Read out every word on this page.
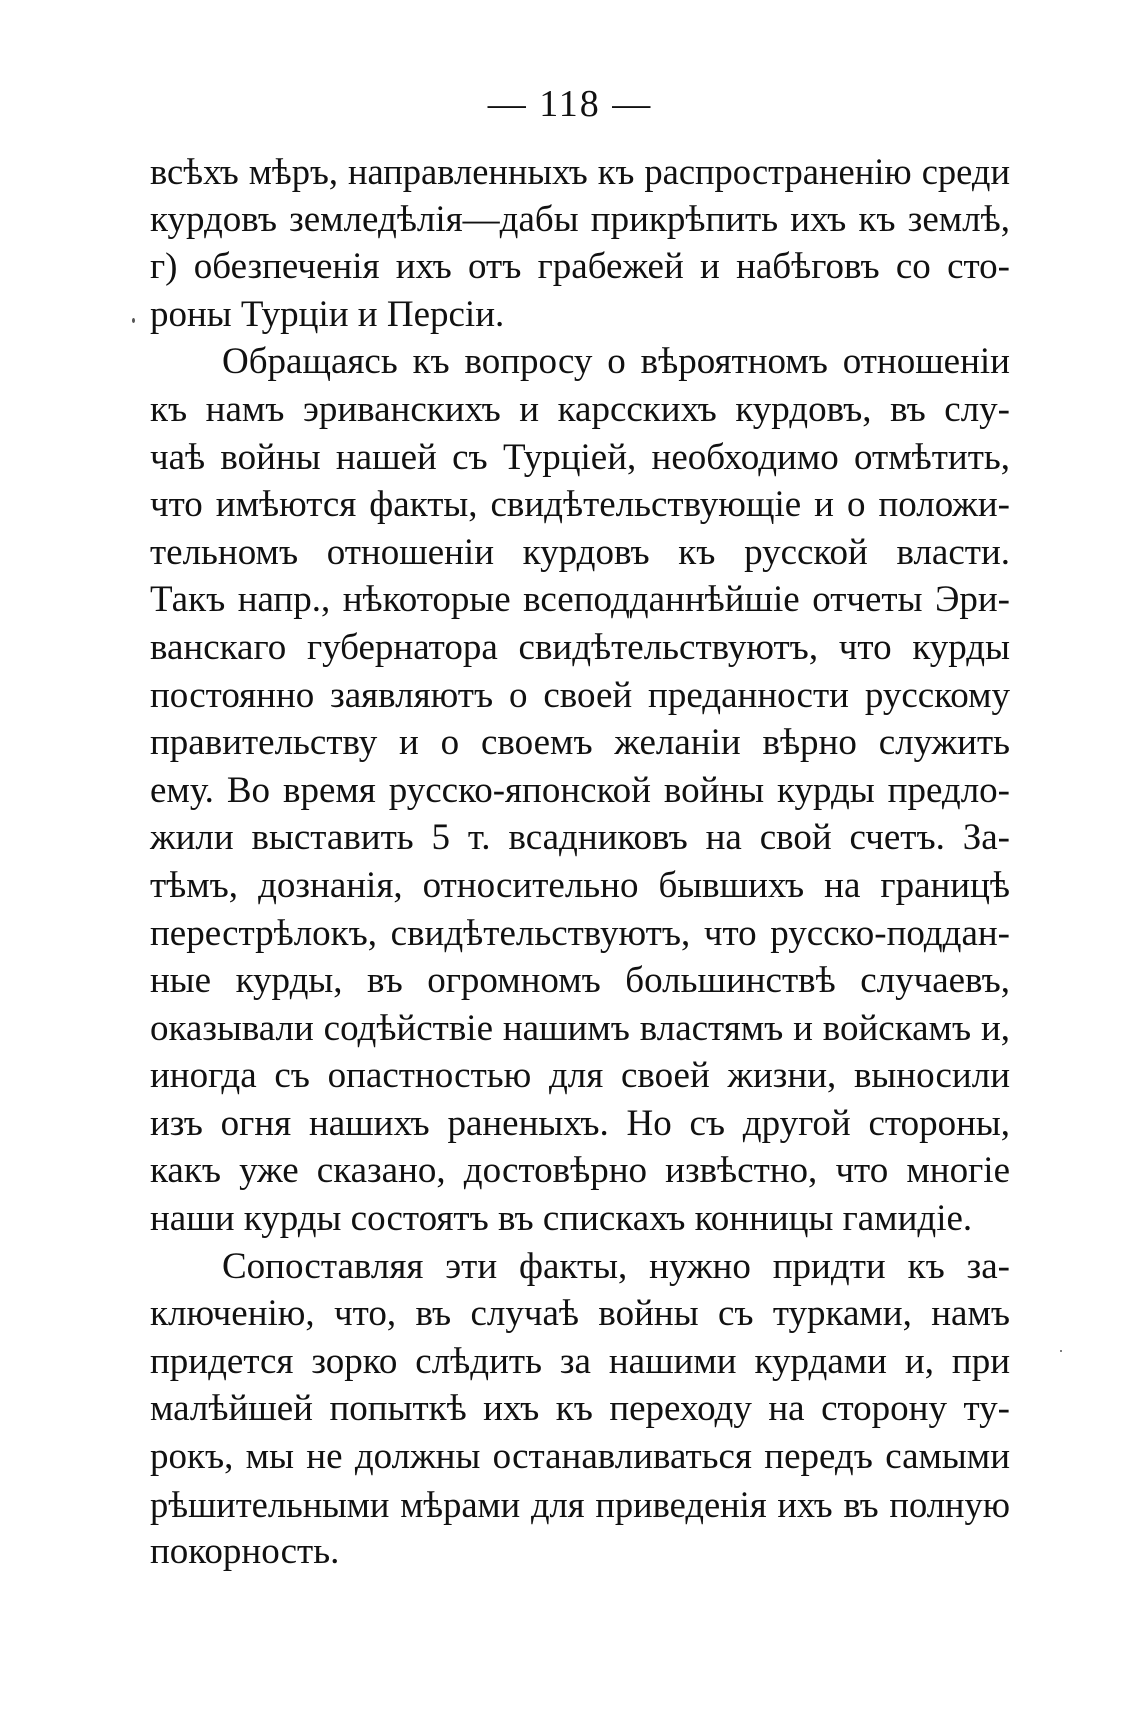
— 118 —
всѣхъ мѣръ, направленныхъ къ распространенію среди
курдовъ земледѣлія—дабы прикрѣпить ихъ къ землѣ,
г) обезпеченія ихъ отъ грабежей и набѣговъ со сто-
роны Турціи и Персіи.
Обращаясь къ вопросу о вѣроятномъ отношеніи
къ намъ эриванскихъ и карсскихъ курдовъ, въ слу-
чаѣ войны нашей съ Турціей, необходимо отмѣтить,
что имѣются факты, свидѣтельствующіе и о положи-
тельномъ отношеніи курдовъ къ русской власти.
Такъ напр., нѣкоторые всеподданнѣйшіе отчеты Эри-
ванскаго губернатора свидѣтельствуютъ, что курды
постоянно заявляютъ о своей преданности русскому
правительству и о своемъ желаніи вѣрно служить
ему. Во время русско-японской войны курды предло-
жили выставить 5 т. всадниковъ на свой счетъ. За-
тѣмъ, дознанія, относительно бывшихъ на границѣ
перестрѣлокъ, свидѣтельствуютъ, что русско-поддан-
ные курды, въ огромномъ большинствѣ случаевъ,
оказывали содѣйствіе нашимъ властямъ и войскамъ и,
иногда съ опастностью для своей жизни, выносили
изъ огня нашихъ раненыхъ. Но съ другой стороны,
какъ уже сказано, достовѣрно извѣстно, что многіе
наши курды состоятъ въ спискахъ конницы гамидіе.
Сопоставляя эти факты, нужно придти къ за-
ключенію, что, въ случаѣ войны съ турками, намъ
придется зорко слѣдить за нашими курдами и, при
малѣйшей попыткѣ ихъ къ переходу на сторону ту-
рокъ, мы не должны останавливаться передъ самыми
рѣшительными мѣрами для приведенія ихъ въ полную
покорность.
